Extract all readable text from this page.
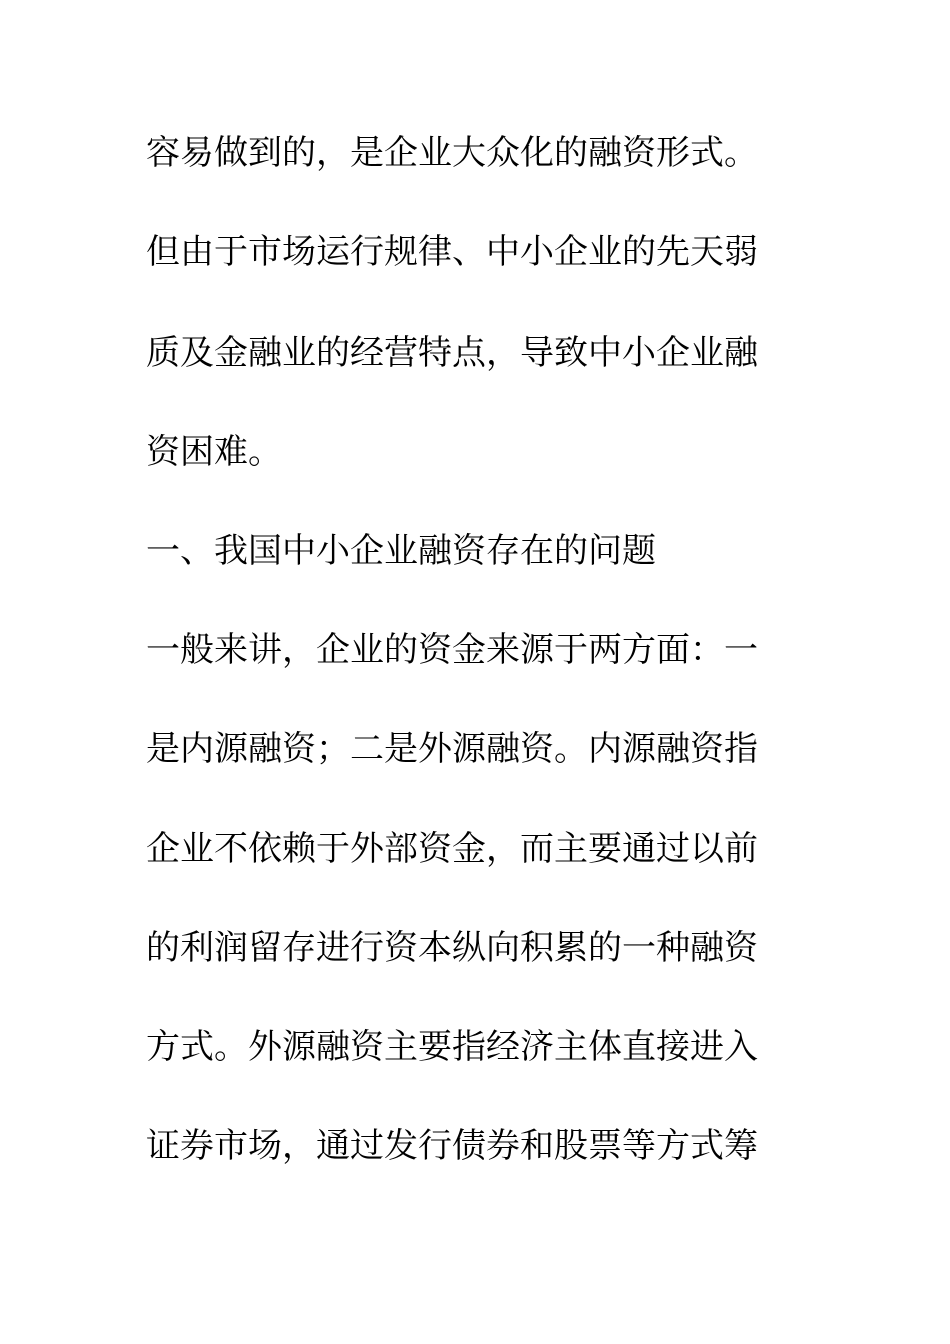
容易做到的，是企业大众化的融资形式。
但由于市场运行规律、中小企业的先天弱
质及金融业的经营特点，导致中小企业融
资困难。
一、我国中小企业融资存在的问题
一般来讲，企业的资金来源于两方面：一
是内源融资；二是外源融资。内源融资指
企业不依赖于外部资金，而主要通过以前
的利润留存进行资本纵向积累的一种融资
方式。外源融资主要指经济主体直接进入
证券市场，通过发行债券和股票等方式筹
